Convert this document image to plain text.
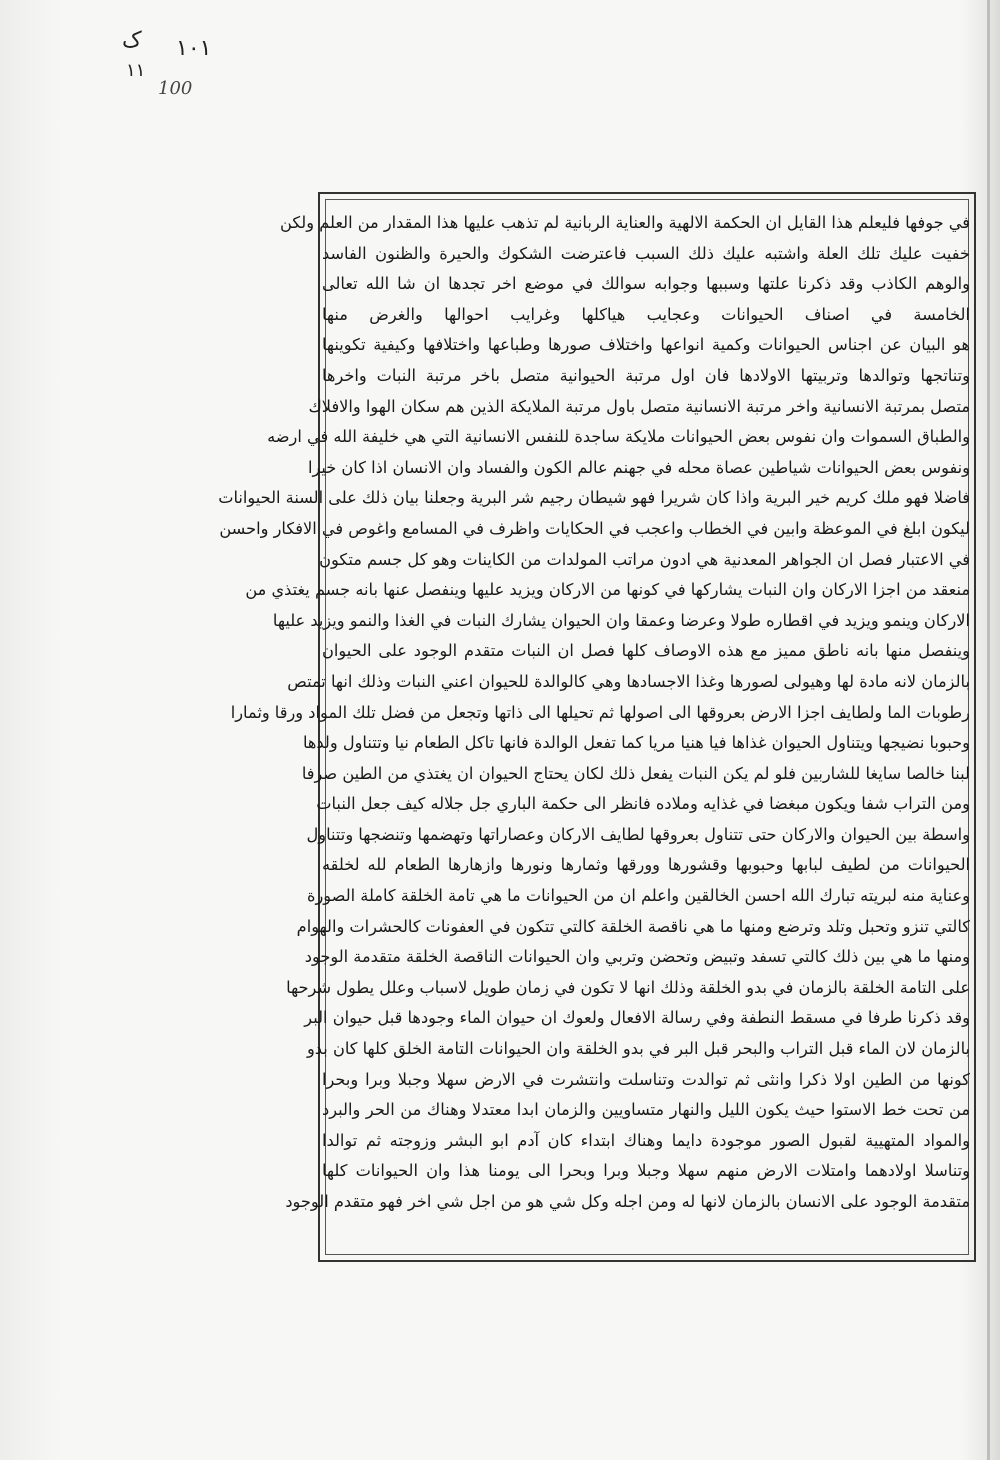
ک ١٠١
١١
100
في جوفها فليعلم هذا القايل ان الحكمة الالهية والعناية الربانية لم تذهب عليها هذا المقدار من العلم ولكن
خفيت عليك تلك العلة واشتبه عليك ذلك السبب فاعترضت الشكوك والحيرة والظنون الفاسد
والوهم الكاذب وقد ذكرنا علتها وسببها وجوابه سوالك في موضع اخر تجدها ان شا الله تعالى
الخامسة في اصناف الحيوانات وعجايب هياكلها وغرايب احوالها والغرض منها
هو البيان عن اجناس الحيوانات وكمية انواعها واختلاف صورها وطباعها واختلافها وكيفية تكوينها
وتناتجها وتوالدها وتربيتها الاولادها فان اول مرتبة الحيوانية متصل باخر مرتبة النبات واخرها
متصل بمرتبة الانسانية واخر مرتبة الانسانية متصل باول مرتبة الملايكة الذين هم سكان الهوا والافلاك
والطباق السموات وان نفوس بعض الحيوانات ملايكة ساجدة للنفس الانسانية التي هي خليفة الله في ارضه
ونفوس بعض الحيوانات شياطين عصاة محله في جهنم عالم الكون والفساد وان الانسان اذا كان خيرا
فاضلا فهو ملك كريم خير البرية واذا كان شريرا فهو شيطان رجيم شر البرية وجعلنا بيان ذلك على السنة الحيوانات
ليكون ابلغ في الموعظة وابين في الخطاب واعجب في الحكايات واظرف في المسامع واغوص في الافكار واحسن
في الاعتبار فصل ان الجواهر المعدنية هي ادون مراتب المولدات من الكاينات وهو كل جسم متكون
منعقد من اجزا الاركان وان النبات يشاركها في كونها من الاركان ويزيد عليها وينفصل عنها بانه جسم يغتذي من
الاركان وينمو ويزيد في اقطاره طولا وعرضا وعمقا وان الحيوان يشارك النبات في الغذا والنمو ويزيد عليها
وينفصل منها بانه ناطق مميز مع هذه الاوصاف كلها فصل ان النبات متقدم الوجود على الحيوان
بالزمان لانه مادة لها وهيولى لصورها وغذا الاجسادها وهي كالوالدة للحيوان اعني النبات وذلك انها تمتص
رطوبات الما ولطايف اجزا الارض بعروقها الى اصولها ثم تحيلها الى ذاتها وتجعل من فضل تلك المواد ورقا وثمارا
وحبوبا نضيجها ويتناول الحيوان غذاها فيا هنيا مريا كما تفعل الوالدة فانها تاكل الطعام نيا وتتناول ولدها
لبنا خالصا سايغا للشاربين فلو لم يكن النبات يفعل ذلك لكان يحتاج الحيوان ان يغتذي من الطين صرفا
ومن التراب شفا ويكون مبغضا في غذايه وملاده فانظر الى حكمة الباري جل جلاله كيف جعل النبات
واسطة بين الحيوان والاركان حتى تتناول بعروقها لطايف الاركان وعصاراتها وتهضمها وتنضجها وتتناول
الحيوانات من لطيف لبابها وحبوبها وقشورها وورقها وثمارها ونورها وازهارها الطعام لله لخلقه
وعناية منه لبريته تبارك الله احسن الخالقين واعلم ان من الحيوانات ما هي تامة الخلقة كاملة الصورة
كالتي تنزو وتحبل وتلد وترضع ومنها ما هي ناقصة الخلقة كالتي تتكون في العفونات كالحشرات والهوام
ومنها ما هي بين ذلك كالتي تسفد وتبيض وتحضن وتربي وان الحيوانات الناقصة الخلقة متقدمة الوجود
على التامة الخلقة بالزمان في بدو الخلقة وذلك انها لا تكون في زمان طويل لاسباب وعلل يطول شرحها
وقد ذكرنا طرفا في مسقط النطفة وفي رسالة الافعال ولعوك ان حيوان الماء وجودها قبل حيوان البر
بالزمان لان الماء قبل التراب والبحر قبل البر في بدو الخلقة وان الحيوانات التامة الخلق كلها كان بدو
كونها من الطين اولا ذكرا وانثى ثم توالدت وتناسلت وانتشرت في الارض سهلا وجبلا وبرا وبحرا
من تحت خط الاستوا حيث يكون الليل والنهار متساويين والزمان ابدا معتدلا وهناك من الحر والبرد
والمواد المتهيية لقبول الصور موجودة دايما وهناك ابتداء كان آدم ابو البشر وزوجته ثم توالدا
وتناسلا اولادهما وامتلات الارض منهم سهلا وجبلا وبرا وبحرا الى يومنا هذا وان الحيوانات كلها
متقدمة الوجود على الانسان بالزمان لانها له ومن اجله وكل شي هو من اجل شي اخر فهو متقدم الوجود
